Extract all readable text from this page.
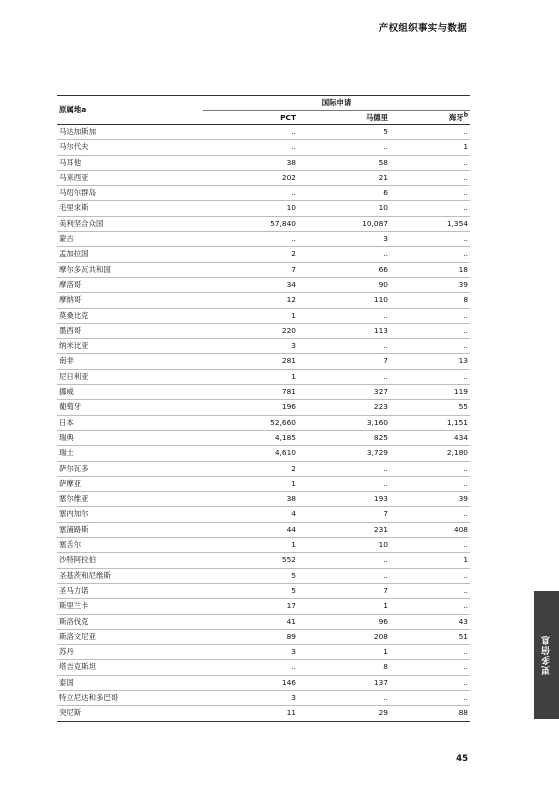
产权组织事实与数据
原属地a	国际申请		
	PCT	马德里	海牙$^b$
马达加斯加	..	5	..
马尔代夫	..	..	1
马耳他	38	58	..
马来西亚	202	21	..
马绍尔群岛	..	6	..
毛里求斯	10	10	..
美利坚合众国	57,840	10,087	1,354
蒙古	..	3	..
孟加拉国	2	..	..
摩尔多瓦共和国	7	66	18
摩洛哥	34	90	39
摩纳哥	12	110	8
莫桑比克	1	..	..
墨西哥	220	113	..
纳米比亚	3	..	..
南非	281	7	13
尼日利亚	1	..	..
挪威	781	327	119
葡萄牙	196	223	55
日本	52,660	3,160	1,151
瑞典	4,185	825	434
瑞士	4,610	3,729	2,180
萨尔瓦多	2	..	..
萨摩亚	1	..	..
塞尔维亚	38	193	39
塞内加尔	4	7	..
塞浦路斯	44	231	408
塞舌尔	1	10	..
沙特阿拉伯	552	..	1
圣基茨和尼维斯	5	..	..
圣马力诺	5	7	..
斯里兰卡	17	1	..
斯洛伐克	41	96	43
斯洛文尼亚	89	208	51
苏丹	3	1	..
塔吉克斯坦	..	8	..
泰国	146	137	..
特立尼达和多巴哥	3	..	..
突尼斯	11	29	88
更多信息
45
